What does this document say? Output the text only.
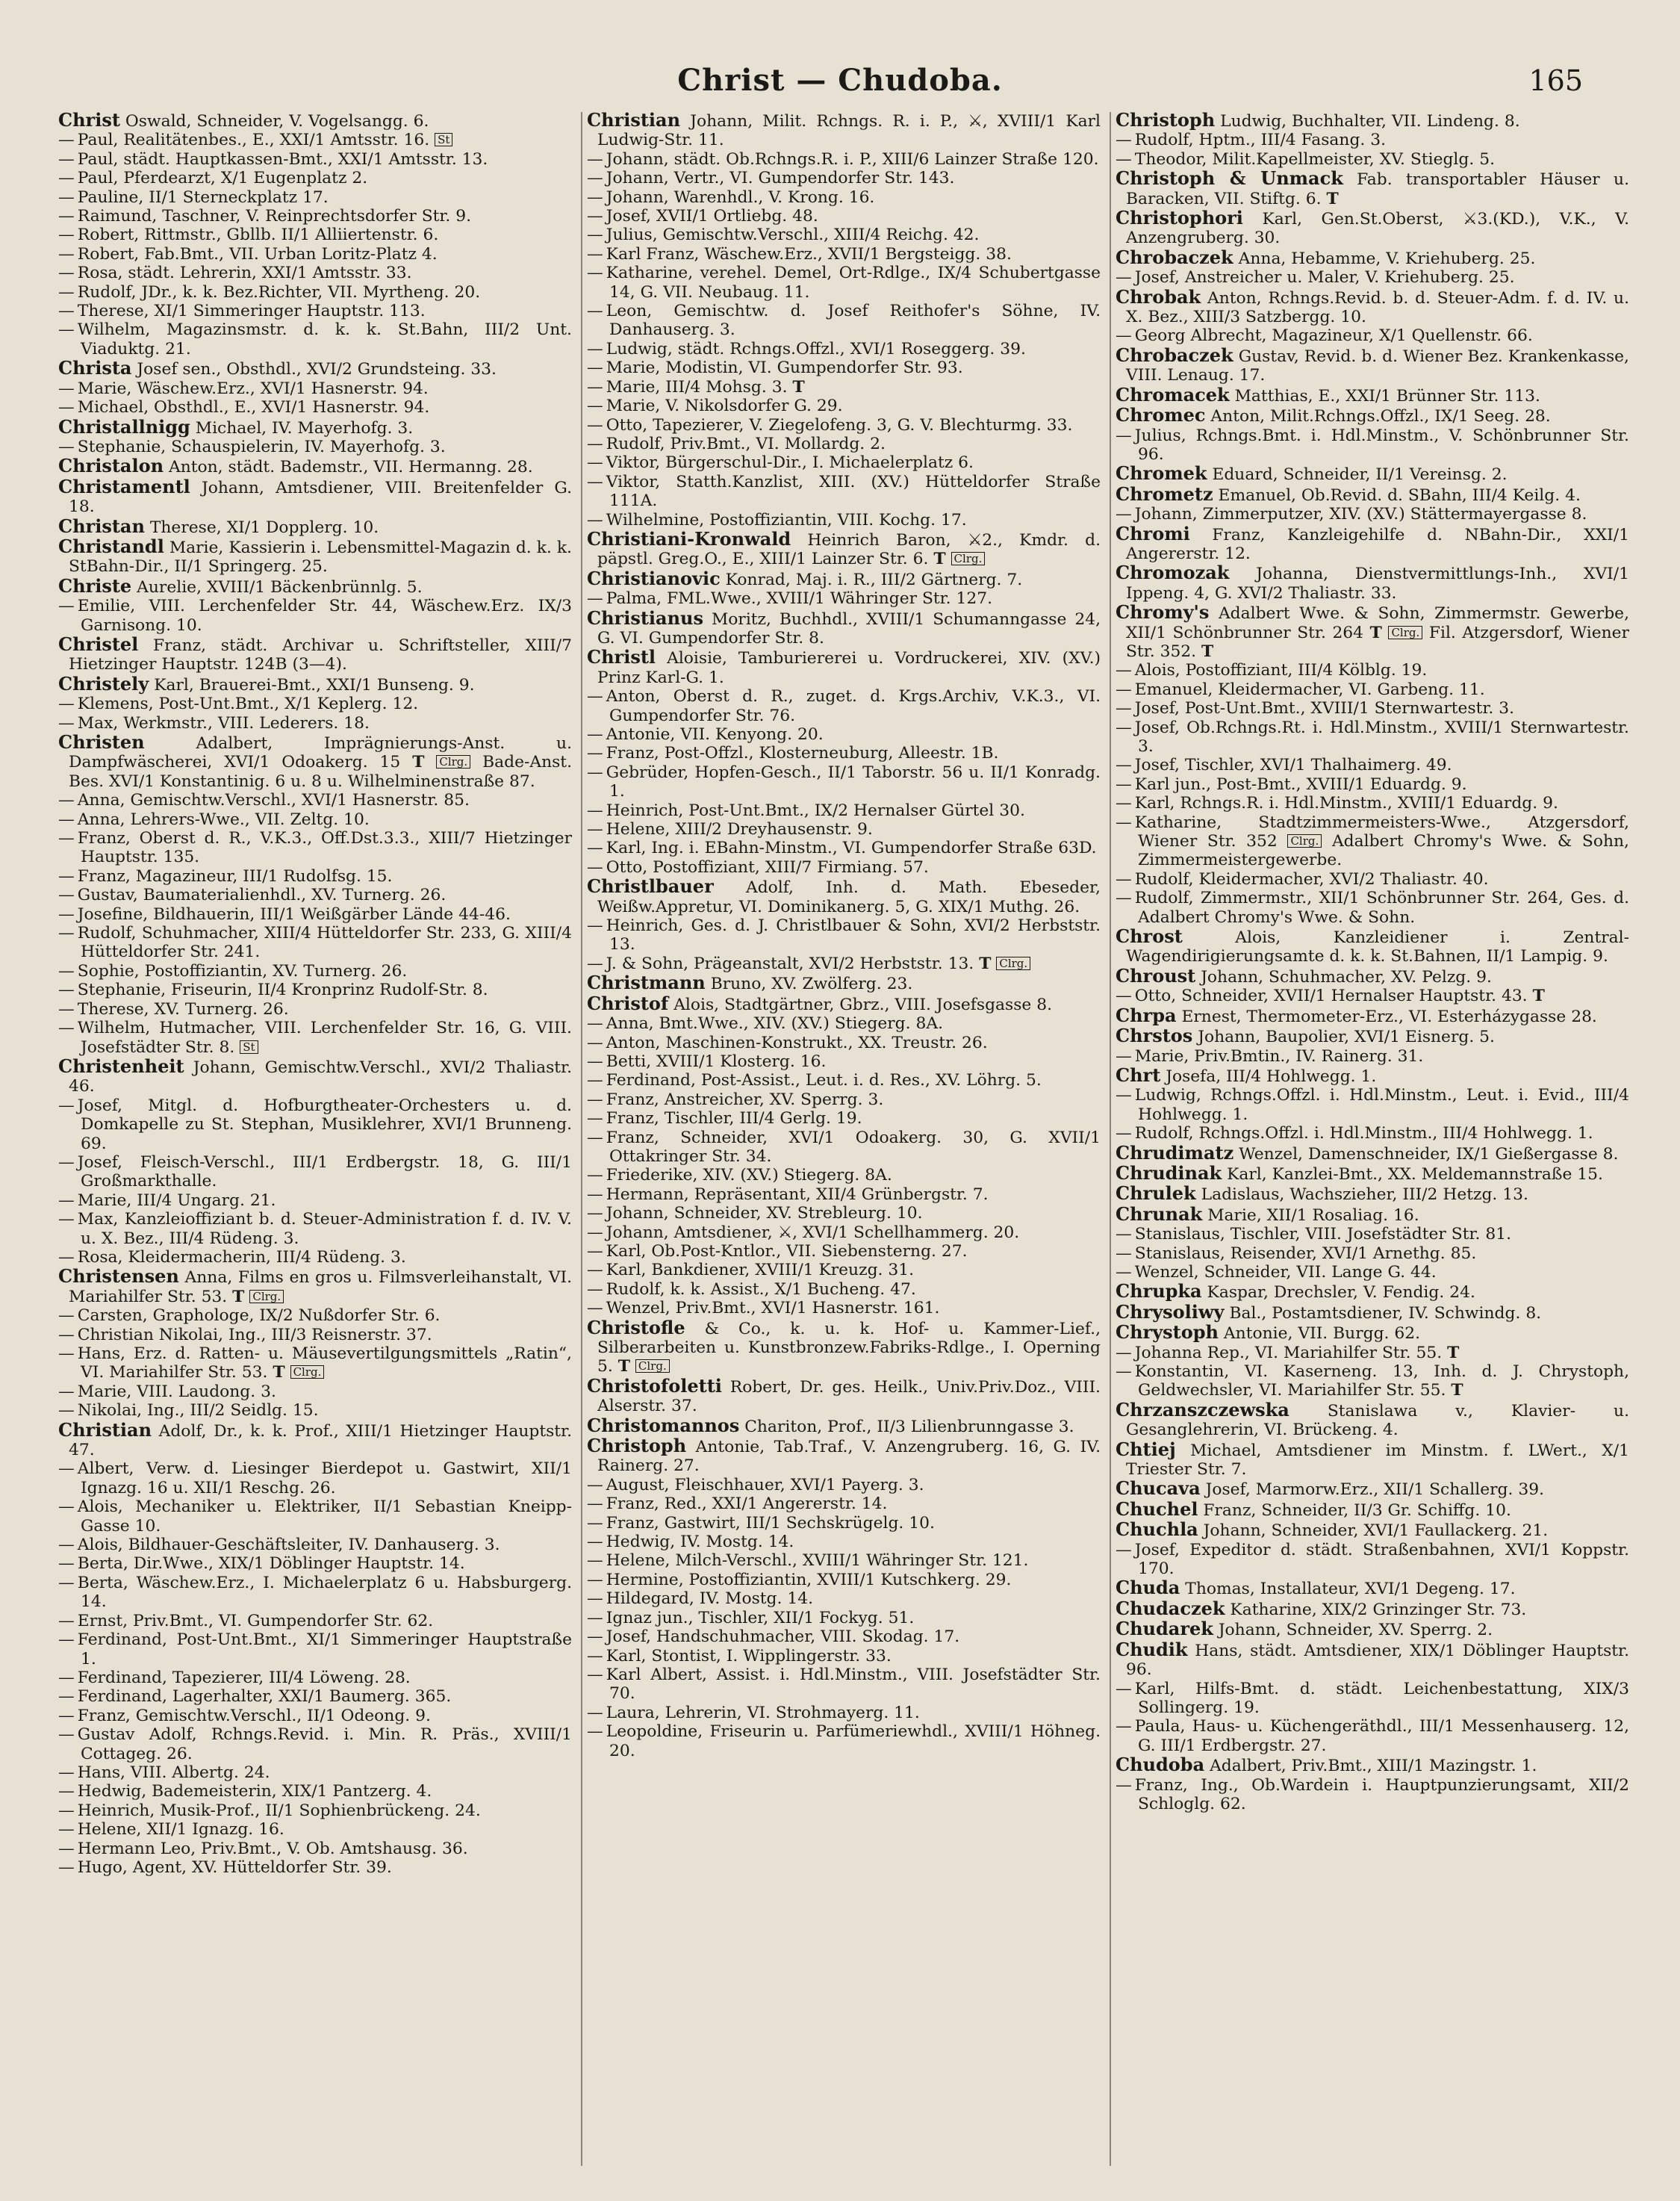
Christ — Chudoba.	165
Christ Oswald, Schneider, V. Vogelsangg. 6.
— Paul, Realitätenbes., E., XXI/1 Amtsstr. 16. St
— Paul, städt. Hauptkassen-Bmt., XXI/1 Amtsstr. 13.
— Paul, Pferdearzt, X/1 Eugenplatz 2.
— Pauline, II/1 Sterneckplatz 17.
— Raimund, Taschner, V. Reinprechtsdorfer Str. 9.
— Robert, Rittmstr., Gbllb. II/1 Alliiertenstr. 6.
— Robert, Fab.Bmt., VII. Urban Loritz-Platz 4.
— Rosa, städt. Lehrerin, XXI/1 Amtsstr. 33.
— Rudolf, JDr., k. k. Bez.Richter, VII. Myrtheng. 20.
— Therese, XI/1 Simmeringer Hauptstr. 113.
— Wilhelm, Magazinsmstr. d. k. k. St.Bahn, III/2 Unt. Viaduktg. 21.
Christa Josef sen., Obsthdl., XVI/2 Grundsteing. 33.
— Marie, Wäschew.Erz., XVI/1 Hasnerstr. 94.
— Michael, Obsthdl., E., XVI/1 Hasnerstr. 94.
Christallnigg Michael, IV. Mayerhofg. 3.
— Stephanie, Schauspielerin, IV. Mayerhofg. 3.
Christalon Anton, städt. Bademstr., VII. Hermanng. 28.
Christamentl Johann, Amtsdiener, VIII. Breitenfelder G. 18.
Christan Therese, XI/1 Dopplerg. 10.
Christandl Marie, Kassierin i. Lebensmittel-Magazin d. k. k. StBahn-Dir., II/1 Springerg. 25.
Christe Aurelie, XVIII/1 Bäckenbrünnlg. 5.
— Emilie, VIII. Lerchenfelder Str. 44, Wäschew.Erz. IX/3 Garnisong. 10.
Christel Franz, städt. Archivar u. Schriftsteller, XIII/7 Hietzinger Hauptstr. 124B (3—4).
Christely Karl, Brauerei-Bmt., XXI/1 Bunseng. 9.
— Klemens, Post-Unt.Bmt., X/1 Keplerg. 12.
— Max, Werkmstr., VIII. Lederers. 18.
Christen	Adalbert, Imprägnierungs-Anst. u. Dampfwäscherei, XVI/1 Odoakerg. 15 T Clrg. Bade-Anst. Bes. XVI/1 Konstantinig. 6 u. 8 u. Wilhelminenstraße 87.
— Anna, Gemischtw.Verschl., XVI/1 Hasnerstr. 85.
— Anna, Lehrers-Wwe., VII. Zeltg. 10.
— Franz, Oberst d. R., V.K.3., Off.Dst.3.3., XIII/7 Hietzinger Hauptstr. 135.
— Franz, Magazineur, III/1 Rudolfsg. 15.
— Gustav, Baumaterialienhdl., XV. Turnerg. 26.
— Josefine, Bildhauerin, III/1 Weißgärber Lände 44-46.
— Rudolf, Schuhmacher, XIII/4 Hütteldorfer Str. 233, G. XIII/4 Hütteldorfer Str. 241.
— Sophie, Postoffiziantin, XV. Turnerg. 26.
— Stephanie, Friseurin, II/4 Kronprinz Rudolf-Str. 8.
— Therese, XV. Turnerg. 26.
— Wilhelm, Hutmacher, VIII. Lerchenfelder Str. 16, G. VIII. Josefstädter Str. 8. St
Christenheit Johann, Gemischtw.Verschl., XVI/2 Thaliastr. 46.
— Josef, Mitgl. d. Hofburgtheater-Orchesters u. d. Domkapelle zu St. Stephan, Musiklehrer, XVI/1 Brunneng. 69.
— Josef, Fleisch-Verschl., III/1 Erdbergstr. 18, G. III/1 Großmarkthalle.
— Marie, III/4 Ungarg. 21.
— Max, Kanzleioffiziant b. d. Steuer-Administration f. d. IV. V. u. X. Bez., III/4 Rüdeng. 3.
— Rosa, Kleidermacherin, III/4 Rüdeng. 3.
Christensen Anna, Films en gros u. Filmsverleihanstalt, VI. Mariahilfer Str. 53. T Clrg.
— Carsten, Graphologe, IX/2 Nußdorfer Str. 6.
— Christian Nikolai, Ing., III/3 Reisnerstr. 37.
— Hans, Erz. d. Ratten- u. Mäusevertilgungsmittels „Ratin“, VI. Mariahilfer Str. 53. T Clrg.
— Marie, VIII. Laudong. 3.
— Nikolai, Ing., III/2 Seidlg. 15.
Christian Adolf, Dr., k. k. Prof., XIII/1 Hietzinger Hauptstr. 47.
— Albert, Verw. d. Liesinger Bierdepot u. Gastwirt, XII/1 Ignazg. 16 u. XII/1 Reschg. 26.
— Alois, Mechaniker u. Elektriker, II/1 Sebastian Kneipp-Gasse 10.
— Alois, Bildhauer-Geschäftsleiter, IV. Danhauserg. 3.
— Berta, Dir.Wwe., XIX/1 Döblinger Hauptstr. 14.
— Berta, Wäschew.Erz., I. Michaelerplatz 6 u. Habsburgerg. 14.
— Ernst, Priv.Bmt., VI. Gumpendorfer Str. 62.
— Ferdinand, Post-Unt.Bmt., XI/1 Simmeringer Hauptstraße 1.
— Ferdinand, Tapezierer, III/4 Löweng. 28.
— Ferdinand, Lagerhalter, XXI/1 Baumerg. 365.
— Franz, Gemischtw.Verschl., II/1 Odeong. 9.
— Gustav Adolf, Rchngs.Revid. i. Min. R. Präs., XVIII/1 Cottageg. 26.
— Hans, VIII. Albertg. 24.
— Hedwig, Bademeisterin, XIX/1 Pantzerg. 4.
— Heinrich, Musik-Prof., II/1 Sophienbrückeng. 24.
— Helene, XII/1 Ignazg. 16.
— Hermann Leo, Priv.Bmt., V. Ob. Amtshausg. 36.
— Hugo, Agent, XV. Hütteldorfer Str. 39.
Christian Johann, Milit. Rchngs. R. i. P., ⚔, XVIII/1 Karl Ludwig-Str. 11.
— Johann, städt. Ob.Rchngs.R. i. P., XIII/6 Lainzer Straße 120.
— Johann, Vertr., VI. Gumpendorfer Str. 143.
— Johann, Warenhdl., V. Krong. 16.
— Josef, XVII/1 Ortliebg. 48.
— Julius, Gemischtw.Verschl., XIII/4 Reichg. 42.
— Karl Franz, Wäschew.Erz., XVII/1 Bergsteigg. 38.
— Katharine, verehel. Demel, Ort-Rdlge., IX/4 Schubertgasse 14, G. VII. Neubaug. 11.
— Leon, Gemischtw. d. Josef Reithofer's Söhne, IV. Danhauserg. 3.
— Ludwig, städt. Rchngs.Offzl., XVI/1 Roseggerg. 39.
— Marie, Modistin, VI. Gumpendorfer Str. 93.
— Marie, III/4 Mohsg. 3. T
— Marie, V. Nikolsdorfer G. 29.
— Otto, Tapezierer, V. Ziegelofeng. 3, G. V. Blechturmg. 33.
— Rudolf, Priv.Bmt., VI. Mollardg. 2.
— Viktor, Bürgerschul-Dir., I. Michaelerplatz 6.
— Viktor, Statth.Kanzlist, XIII. (XV.) Hütteldorfer Straße 111A.
— Wilhelmine, Postoffiziantin, VIII. Kochg. 17.
Christiani-Kronwald Heinrich Baron, ⚔2., Kmdr. d. päpstl. Greg.O., E., XIII/1 Lainzer Str. 6. T Clrg.
Christianovic Konrad, Maj. i. R., III/2 Gärtnerg. 7.
— Palma, FML.Wwe., XVIII/1 Währinger Str. 127.
Christianus Moritz, Buchhdl., XVIII/1 Schumanngasse 24, G. VI. Gumpendorfer Str. 8.
Christl Aloisie, Tamburiererei u. Vordruckerei, XIV. (XV.) Prinz Karl-G. 1.
— Anton, Oberst d. R., zuget. d. Krgs.Archiv, V.K.3., VI. Gumpendorfer Str. 76.
— Antonie, VII. Kenyong. 20.
— Franz, Post-Offzl., Klosterneuburg, Alleestr. 1B.
— Gebrüder, Hopfen-Gesch., II/1 Taborstr. 56 u. II/1 Konradg. 1.
— Heinrich, Post-Unt.Bmt., IX/2 Hernalser Gürtel 30.
— Helene, XIII/2 Dreyhausenstr. 9.
— Karl, Ing. i. EBahn-Minstm., VI. Gumpendorfer Straße 63D.
— Otto, Postoffiziant, XIII/7 Firmiang. 57.
Christlbauer Adolf, Inh. d. Math. Ebeseder, Weißw.Appretur, VI. Dominikanerg. 5, G. XIX/1 Muthg. 26.
— Heinrich, Ges. d. J. Christlbauer & Sohn, XVI/2 Herbststr. 13.
— J. & Sohn, Prägeanstalt, XVI/2 Herbststr. 13. T Clrg.
Christmann Bruno, XV. Zwölferg. 23.
Christof Alois, Stadtgärtner, Gbrz., VIII. Josefsgasse 8.
— Anna, Bmt.Wwe., XIV. (XV.) Stiegerg. 8A.
— Anton, Maschinen-Konstrukt., XX. Treustr. 26.
— Betti, XVIII/1 Klosterg. 16.
— Ferdinand, Post-Assist., Leut. i. d. Res., XV. Löhrg. 5.
— Franz, Anstreicher, XV. Sperrg. 3.
— Franz, Tischler, III/4 Gerlg. 19.
— Franz, Schneider, XVI/1 Odoakerg. 30, G. XVII/1 Ottakringer Str. 34.
— Friederike, XIV. (XV.) Stiegerg. 8A.
— Hermann, Repräsentant, XII/4 Grünbergstr. 7.
— Johann, Schneider, XV. Strebleurg. 10.
— Johann, Amtsdiener, ⚔, XVI/1 Schellhammerg. 20.
— Karl, Ob.Post-Kntlor., VII. Siebensterng. 27.
— Karl, Bankdiener, XVIII/1 Kreuzg. 31.
— Rudolf, k. k. Assist., X/1 Bucheng. 47.
— Wenzel, Priv.Bmt., XVI/1 Hasnerstr. 161.
Christofle & Co., k. u. k. Hof- u. Kammer-Lief., Silberarbeiten u. Kunstbronzew.Fabriks-Rdlge., I. Operning 5. T Clrg.
Christofoletti Robert, Dr. ges. Heilk., Univ.Priv.Doz., VIII. Alserstr. 37.
Christomannos Chariton, Prof., II/3 Lilienbrunngasse 3.
Christoph Antonie, Tab.Traf., V. Anzengruberg. 16, G. IV. Rainerg. 27.
— August, Fleischhauer, XVI/1 Payerg. 3.
— Franz, Red., XXI/1 Angererstr. 14.
— Franz, Gastwirt, III/1 Sechskrügelg. 10.
— Hedwig, IV. Mostg. 14.
— Helene, Milch-Verschl., XVIII/1 Währinger Str. 121.
— Hermine, Postoffiziantin, XVIII/1 Kutschkerg. 29.
— Hildegard, IV. Mostg. 14.
— Ignaz jun., Tischler, XII/1 Fockyg. 51.
— Josef, Handschuhmacher, VIII. Skodag. 17.
— Karl, Stontist, I. Wipplingerstr. 33.
— Karl Albert, Assist. i. Hdl.Minstm., VIII. Josefstädter Str. 70.
— Laura, Lehrerin, VI. Strohmayerg. 11.
— Leopoldine, Friseurin u. Parfümeriewhdl., XVIII/1 Höhneg. 20.
Christoph Ludwig, Buchhalter, VII. Lindeng. 8.
— Rudolf, Hptm., III/4 Fasang. 3.
— Theodor, Milit.Kapellmeister, XV. Stieglg. 5.
Christoph & Unmack Fab. transportabler Häuser u. Baracken, VII. Stiftg. 6. T
Christophori Karl, Gen.St.Oberst, ⚔3.(KD.), V.K., V. Anzengruberg. 30.
Chrobaczek Anna, Hebamme, V. Kriehuberg. 25.
— Josef, Anstreicher u. Maler, V. Kriehuberg. 25.
Chrobak Anton, Rchngs.Revid. b. d. Steuer-Adm. f. d. IV. u. X. Bez., XIII/3 Satzbergg. 10.
— Georg Albrecht, Magazineur, X/1 Quellenstr. 66.
Chrobaczek Gustav, Revid. b. d. Wiener Bez. Krankenkasse, VIII. Lenaug. 17.
Chromacek Matthias, E., XXI/1 Brünner Str. 113.
Chromec Anton, Milit.Rchngs.Offzl., IX/1 Seeg. 28.
— Julius, Rchngs.Bmt. i. Hdl.Minstm., V. Schönbrunner Str. 96.
Chromek Eduard, Schneider, II/1 Vereinsg. 2.
Chrometz Emanuel, Ob.Revid. d. SBahn, III/4 Keilg. 4.
— Johann, Zimmerputzer, XIV. (XV.) Stättermayergasse 8.
Chromi Franz, Kanzleigehilfe d. NBahn-Dir., XXI/1 Angererstr. 12.
Chromozak Johanna, Dienstvermittlungs-Inh., XVI/1 Ippeng. 4, G. XVI/2 Thaliastr. 33.
Chromy's Adalbert Wwe. & Sohn, Zimmermstr. Gewerbe, XII/1 Schönbrunner Str. 264 T Clrg. Fil. Atzgersdorf, Wiener Str. 352. T
— Alois, Postoffiziant, III/4 Kölblg. 19.
— Emanuel, Kleidermacher, VI. Garbeng. 11.
— Josef, Post-Unt.Bmt., XVIII/1 Sternwartestr. 3.
— Josef, Ob.Rchngs.Rt. i. Hdl.Minstm., XVIII/1 Sternwartestr. 3.
— Josef, Tischler, XVI/1 Thalhaimerg. 49.
— Karl jun., Post-Bmt., XVIII/1 Eduardg. 9.
— Karl, Rchngs.R. i. Hdl.Minstm., XVIII/1 Eduardg. 9.
— Katharine, Stadtzimmermeisters-Wwe., Atzgersdorf, Wiener Str. 352 Clrg. Adalbert Chromy's Wwe. & Sohn, Zimmermeistergewerbe.
— Rudolf, Kleidermacher, XVI/2 Thaliastr. 40.
— Rudolf, Zimmermstr., XII/1 Schönbrunner Str. 264, Ges. d. Adalbert Chromy's Wwe. & Sohn.
Chrost	Alois, Kanzleidiener i. Zentral-Wagendirigierungsamte d. k. k. St.Bahnen, II/1 Lampig. 9.
Chroust Johann, Schuhmacher, XV. Pelzg. 9.
— Otto, Schneider, XVII/1 Hernalser Hauptstr. 43. T
Chrpa Ernest, Thermometer-Erz., VI. Esterházygasse 28.
Chrstos Johann, Baupolier, XVI/1 Eisnerg. 5.
— Marie, Priv.Bmtin., IV. Rainerg. 31.
Chrt Josefa, III/4 Hohlwegg. 1.
— Ludwig, Rchngs.Offzl. i. Hdl.Minstm., Leut. i. Evid., III/4 Hohlwegg. 1.
— Rudolf, Rchngs.Offzl. i. Hdl.Minstm., III/4 Hohlwegg. 1.
Chrudimatz Wenzel, Damenschneider, IX/1 Gießergasse 8.
Chrudinak Karl, Kanzlei-Bmt., XX. Meldemannstraße 15.
Chrulek Ladislaus, Wachszieher, III/2 Hetzg. 13.
Chrunak Marie, XII/1 Rosaliag. 16.
— Stanislaus, Tischler, VIII. Josefstädter Str. 81.
— Stanislaus, Reisender, XVI/1 Arnethg. 85.
— Wenzel, Schneider, VII. Lange G. 44.
Chrupka Kaspar, Drechsler, V. Fendig. 24.
Chrysoliwy Bal., Postamtsdiener, IV. Schwindg. 8.
Chrystoph Antonie, VII. Burgg. 62.
— Johanna Rep., VI. Mariahilfer Str. 55. T
— Konstantin, VI. Kaserneng. 13, Inh. d. J. Chrystoph, Geldwechsler, VI. Mariahilfer Str. 55. T
Chrzanszczewska Stanislawa v., Klavier- u. Gesanglehrerin, VI. Brückeng. 4.
Chtiej Michael, Amtsdiener im Minstm. f. LWert., X/1 Triester Str. 7.
Chucava Josef, Marmorw.Erz., XII/1 Schallerg. 39.
Chuchel Franz, Schneider, II/3 Gr. Schiffg. 10.
Chuchla Johann, Schneider, XVI/1 Faullackerg. 21.
— Josef, Expeditor d. städt. Straßenbahnen, XVI/1 Koppstr. 170.
Chuda Thomas, Installateur, XVI/1 Degeng. 17.
Chudaczek Katharine, XIX/2 Grinzinger Str. 73.
Chudarek Johann, Schneider, XV. Sperrg. 2.
Chudik Hans, städt. Amtsdiener, XIX/1 Döblinger Hauptstr. 96.
— Karl, Hilfs-Bmt. d. städt. Leichenbestattung, XIX/3 Sollingerg. 19.
— Paula, Haus- u. Küchengeräthdl., III/1 Messenhauserg. 12, G. III/1 Erdbergstr. 27.
Chudoba Adalbert, Priv.Bmt., XIII/1 Mazingstr. 1.
— Franz, Ing., Ob.Wardein i. Hauptpunzierungsamt, XII/2 Schloglg. 62.
